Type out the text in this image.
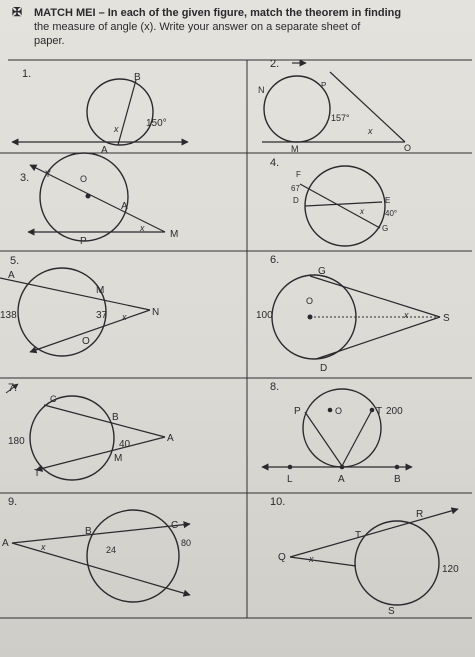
✠ MATCH MEI – In each of the given figure, match the theorem in finding
the measure of angle (x). Write your answer on a separate sheet of
paper.
1.	B
A
x	150°
2.
N	P
M	O
x
157°
3. Y	O
A
P
M
x
4.
F
D	E
G
x
67
40°
5.
A
M
N
O
x
138	37
6.
G
O
D
S
x
100
7.
C
B
A
M
T
180	40
8.
P	O	T
L	A	B
200
9.
A
B
C
x	24
80
10.
R
T
Q
S
x
120
